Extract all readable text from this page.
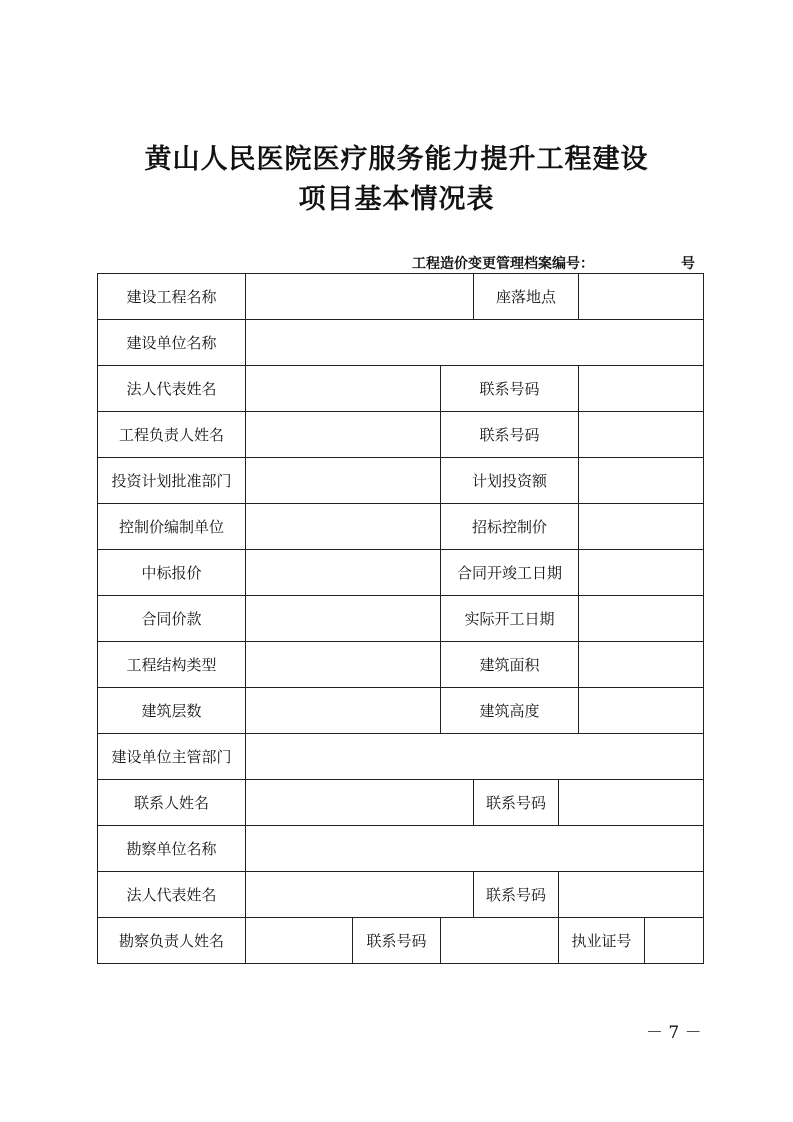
黄山人民医院医疗服务能力提升工程建设
项目基本情况表
工程造价变更管理档案编号：	号
建设工程名称				座落地点			
建设单位名称							
法人代表姓名			联系号码				
工程负责人姓名			联系号码				
投资计划批准部门			计划投资额				
控制价编制单位			招标控制价				
中标报价			合同开竣工日期				
合同价款			实际开工日期				
工程结构类型			建筑面积				
建筑层数			建筑高度				
建设单位主管部门							
联系人姓名				联系号码			
勘察单位名称							
法人代表姓名				联系号码			
勘察负责人姓名		联系号码			执业证号		
－ 7 －
